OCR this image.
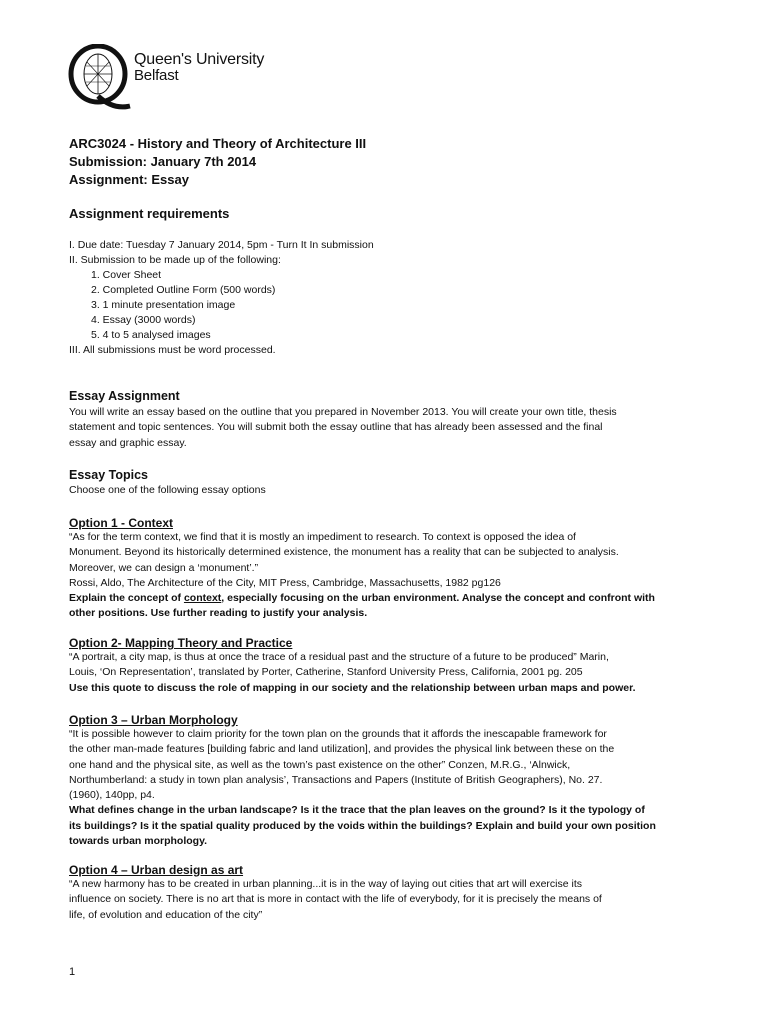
Queen's University
Belfast
ARC3024 - History and Theory of Architecture III
Submission: January 7th 2014
Assignment: Essay
Assignment requirements
I. Due date: Tuesday 7 January 2014, 5pm - Turn It In submission
II. Submission to be made up of the following:
1. Cover Sheet
2. Completed Outline Form (500 words)
3. 1 minute presentation image
4. Essay (3000 words)
5. 4 to 5 analysed images
III. All submissions must be word processed.
Essay Assignment
You will write an essay based on the outline that you prepared in November 2013. You will create your own title, thesis
statement and topic sentences. You will submit both the essay outline that has already been assessed and the final
essay and graphic essay.
Essay Topics
Choose one of the following essay options
Option 1 - Context
“As for the term context, we find that it is mostly an impediment to research. To context is opposed the idea of
Monument. Beyond its historically determined existence, the monument has a reality that can be subjected to analysis.
Moreover, we can design a ‘monument’.”
Rossi, Aldo, The Architecture of the City, MIT Press, Cambridge, Massachusetts, 1982 pg126
Explain the concept of context, especially focusing on the urban environment. Analyse the concept and confront with
other positions. Use further reading to justify your analysis.
Option 2- Mapping Theory and Practice
“A portrait, a city map, is thus at once the trace of a residual past and the structure of a future to be produced” Marin,
Louis, ‘On Representation’, translated by Porter, Catherine, Stanford University Press, California, 2001 pg. 205
Use this quote to discuss the role of mapping in our society and the relationship between urban maps and power.
Option 3 – Urban Morphology
“It is possible however to claim priority for the town plan on the grounds that it affords the inescapable framework for
the other man-made features [building fabric and land utilization], and provides the physical link between these on the
one hand and the physical site, as well as the town’s past existence on the other” Conzen, M.R.G., ‘Alnwick,
Northumberland: a study in town plan analysis’, Transactions and Papers (Institute of British Geographers), No. 27.
(1960), 140pp, p4.
What defines change in the urban landscape? Is it the trace that the plan leaves on the ground? Is it the typology of
its buildings? Is it the spatial quality produced by the voids within the buildings? Explain and build your own position
towards urban morphology.
Option 4 – Urban design as art
“A new harmony has to be created in urban planning...it is in the way of laying out cities that art will exercise its
influence on society. There is no art that is more in contact with the life of everybody, for it is precisely the means of
life, of evolution and education of the city”
1
